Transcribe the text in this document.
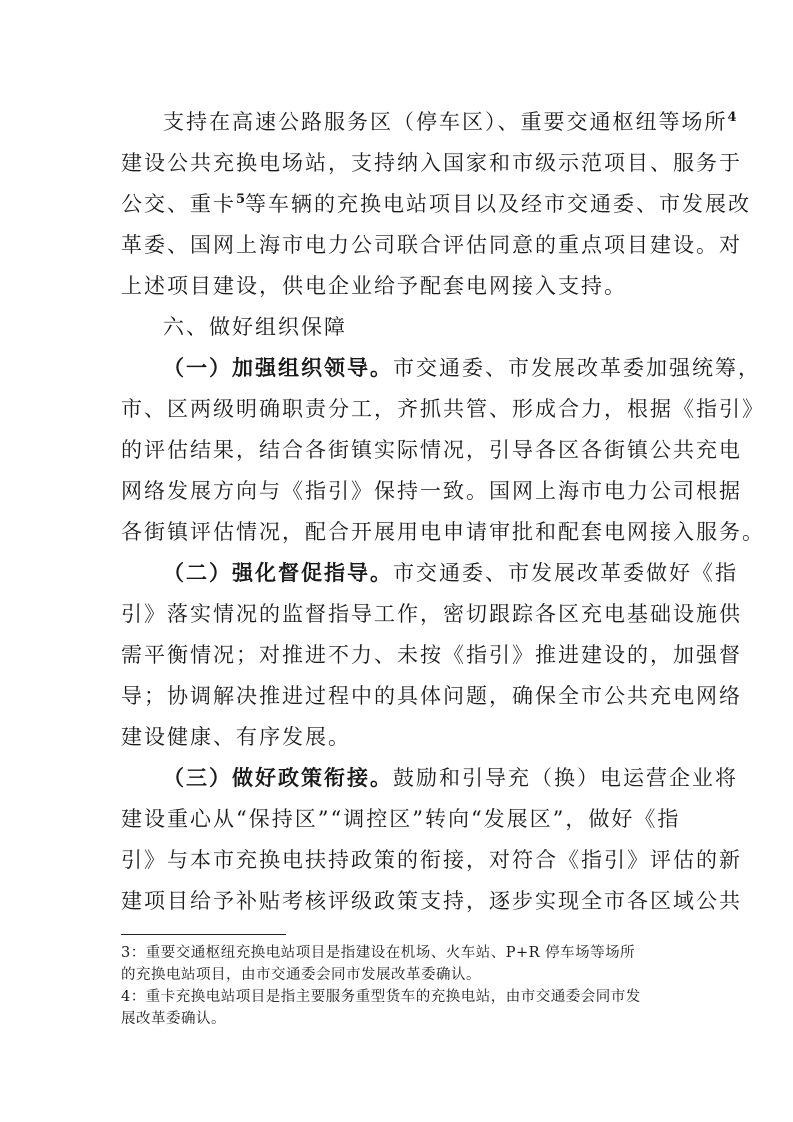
支持在高速公路服务区（停车区）、重要交通枢纽等场所$^4$
建设公共充换电场站，支持纳入国家和市级示范项目、服务于
公交、重卡$^5$等车辆的充换电站项目以及经市交通委、市发展改
革委、国网上海市电力公司联合评估同意的重点项目建设。对
上述项目建设，供电企业给予配套电网接入支持。
六、做好组织保障
（一）加强组织领导。市交通委、市发展改革委加强统筹，
市、区两级明确职责分工，齐抓共管、形成合力，根据《指引》
的评估结果，结合各街镇实际情况，引导各区各街镇公共充电
网络发展方向与《指引》保持一致。国网上海市电力公司根据
各街镇评估情况，配合开展用电申请审批和配套电网接入服务。
（二）强化督促指导。市交通委、市发展改革委做好《指
引》落实情况的监督指导工作，密切跟踪各区充电基础设施供
需平衡情况；对推进不力、未按《指引》推进建设的，加强督
导；协调解决推进过程中的具体问题，确保全市公共充电网络
建设健康、有序发展。
（三）做好政策衔接。鼓励和引导充（换）电运营企业将
建设重心从“保持区”“调控区”转向“发展区”，做好《指
引》与本市充换电扶持政策的衔接，对符合《指引》评估的新
建项目给予补贴考核评级政策支持，逐步实现全市各区域公共
3：重要交通枢纽充换电站项目是指建设在机场、火车站、P+R 停车场等场所
的充换电站项目，由市交通委会同市发展改革委确认。
4：重卡充换电站项目是指主要服务重型货车的充换电站，由市交通委会同市发
展改革委确认。
